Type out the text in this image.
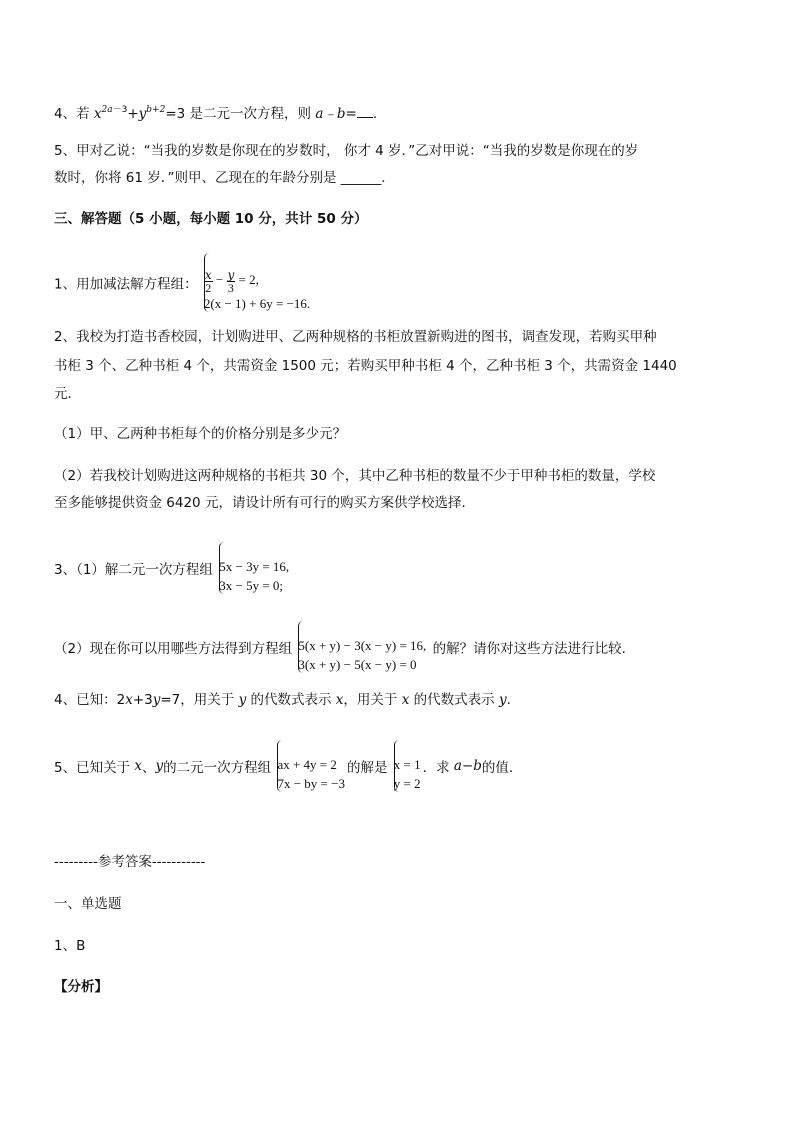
4、若 $x^{2a-3}+y^{b+2}=3$ 是二元一次方程，则 a﹣b= .
5、甲对乙说：“当我的岁数是你现在的岁数时， 你才 4 岁．”乙对甲说：“当我的岁数是你现在的岁
数时，你将 61 岁．”则甲、乙现在的年龄分别是 ______．
三、解答题（5 小题，每小题 10 分，共计 50 分）
1、用加减法解方程组： $\frac{x}{2} - \frac{y}{3} = 2$,
2(x − 1) + 6y = −16.
2、我校为打造书香校园，计划购进甲、乙两种规格的书柜放置新购进的图书，调查发现，若购买甲种
书柜 3 个、乙种书柜 4 个，共需资金 1500 元；若购买甲种书柜 4 个，乙种书柜 3 个，共需资金 1440
元．
（1）甲、乙两种书柜每个的价格分别是多少元？
（2）若我校计划购进这两种规格的书柜共 30 个，其中乙种书柜的数量不少于甲种书柜的数量，学校
至多能够提供资金 6420 元，请设计所有可行的购买方案供学校选择．
3、（1）解二元一次方程组 5x − 3y = 16,
3x − 5y = 0;
（2）现在你可以用哪些方法得到方程组 5(x + y) − 3(x − y) = 16,
3(x + y) − 5(x − y) = 0
的解？请你对这些方法进行比较．
4、已知：2x+3y=7，用关于 y 的代数式表示 x，用关于 x 的代数式表示 y.
5、已知关于 x、y的二元一次方程组 ax + 4y = 2
7x − by = −3
的解是 x = 1
y = 2
．求 a−b的值．
---------参考答案-----------
一、单选题
1、B
【分析】
